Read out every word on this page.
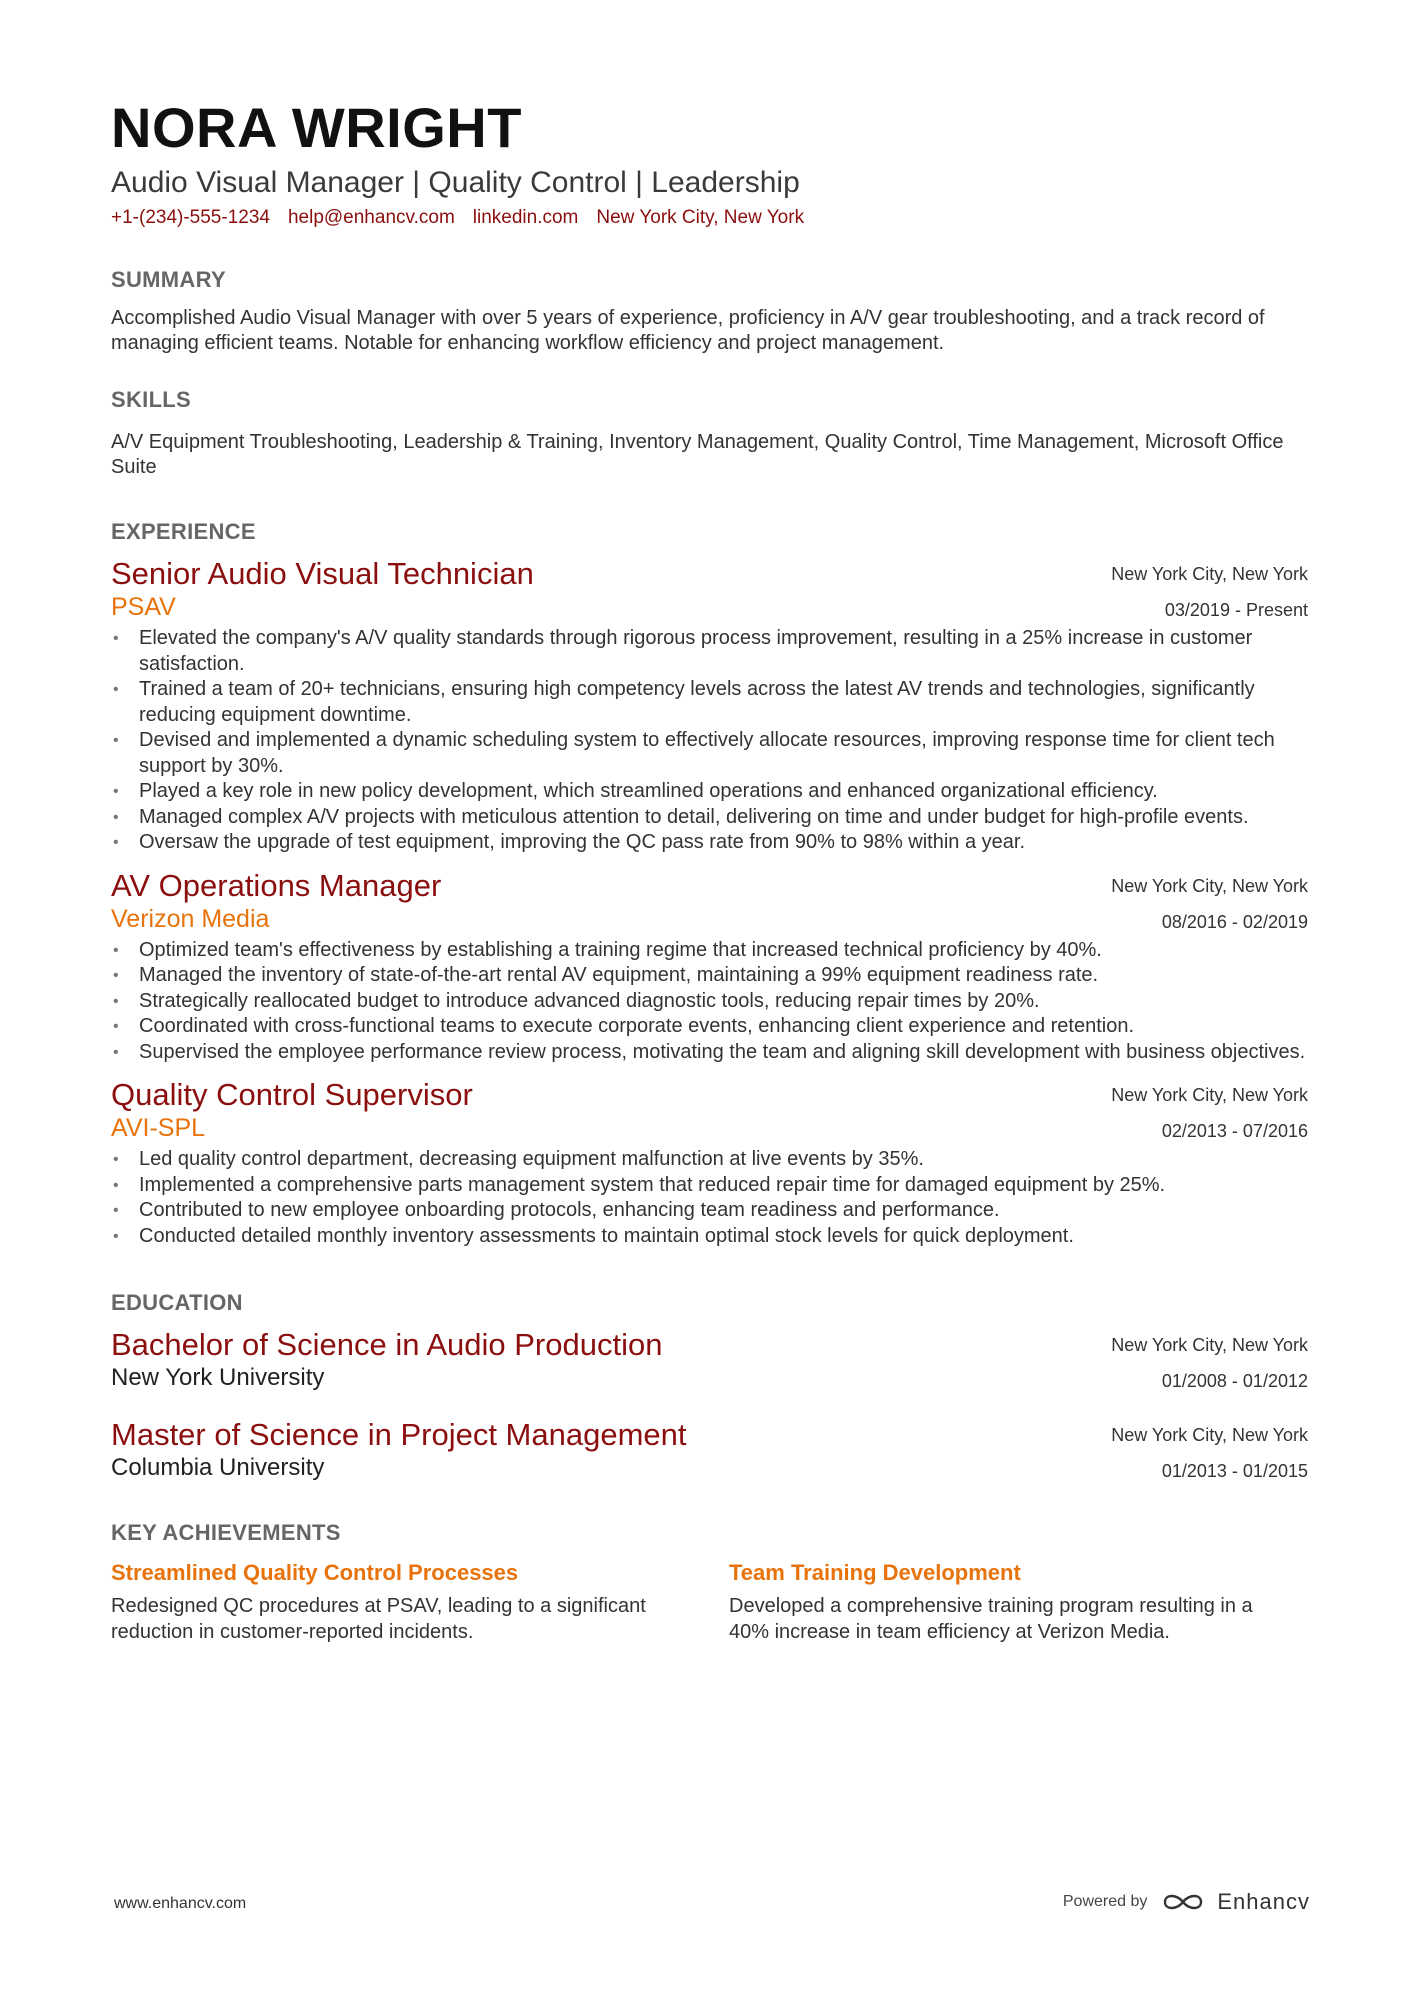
NORA WRIGHT
Audio Visual Manager | Quality Control | Leadership
+1-(234)-555-1234 help@enhancv.com linkedin.com New York City, New York
SUMMARY
Accomplished Audio Visual Manager with over 5 years of experience, proficiency in A/V gear troubleshooting, and a track record of managing efficient teams. Notable for enhancing workflow efficiency and project management.
SKILLS
A/V Equipment Troubleshooting, Leadership & Training, Inventory Management, Quality Control, Time Management, Microsoft Office Suite
EXPERIENCE
Senior Audio Visual Technician
PSAV
New York City, New York
03/2019 - Present
• Elevated the company's A/V quality standards through rigorous process improvement, resulting in a 25% increase in customer satisfaction.
• Trained a team of 20+ technicians, ensuring high competency levels across the latest AV trends and technologies, significantly reducing equipment downtime.
• Devised and implemented a dynamic scheduling system to effectively allocate resources, improving response time for client tech support by 30%.
• Played a key role in new policy development, which streamlined operations and enhanced organizational efficiency.
• Managed complex A/V projects with meticulous attention to detail, delivering on time and under budget for high-profile events.
• Oversaw the upgrade of test equipment, improving the QC pass rate from 90% to 98% within a year.
AV Operations Manager
Verizon Media
New York City, New York
08/2016 - 02/2019
• Optimized team's effectiveness by establishing a training regime that increased technical proficiency by 40%.
• Managed the inventory of state-of-the-art rental AV equipment, maintaining a 99% equipment readiness rate.
• Strategically reallocated budget to introduce advanced diagnostic tools, reducing repair times by 20%.
• Coordinated with cross-functional teams to execute corporate events, enhancing client experience and retention.
• Supervised the employee performance review process, motivating the team and aligning skill development with business objectives.
Quality Control Supervisor
AVI-SPL
New York City, New York
02/2013 - 07/2016
• Led quality control department, decreasing equipment malfunction at live events by 35%.
• Implemented a comprehensive parts management system that reduced repair time for damaged equipment by 25%.
• Contributed to new employee onboarding protocols, enhancing team readiness and performance.
• Conducted detailed monthly inventory assessments to maintain optimal stock levels for quick deployment.
EDUCATION
Bachelor of Science in Audio Production
New York University
New York City, New York
01/2008 - 01/2012
Master of Science in Project Management
Columbia University
New York City, New York
01/2013 - 01/2015
KEY ACHIEVEMENTS
Streamlined Quality Control Processes
Redesigned QC procedures at PSAV, leading to a significant reduction in customer-reported incidents.
Team Training Development
Developed a comprehensive training program resulting in a 40% increase in team efficiency at Verizon Media.
www.enhancv.com	Powered by	Enhancv
